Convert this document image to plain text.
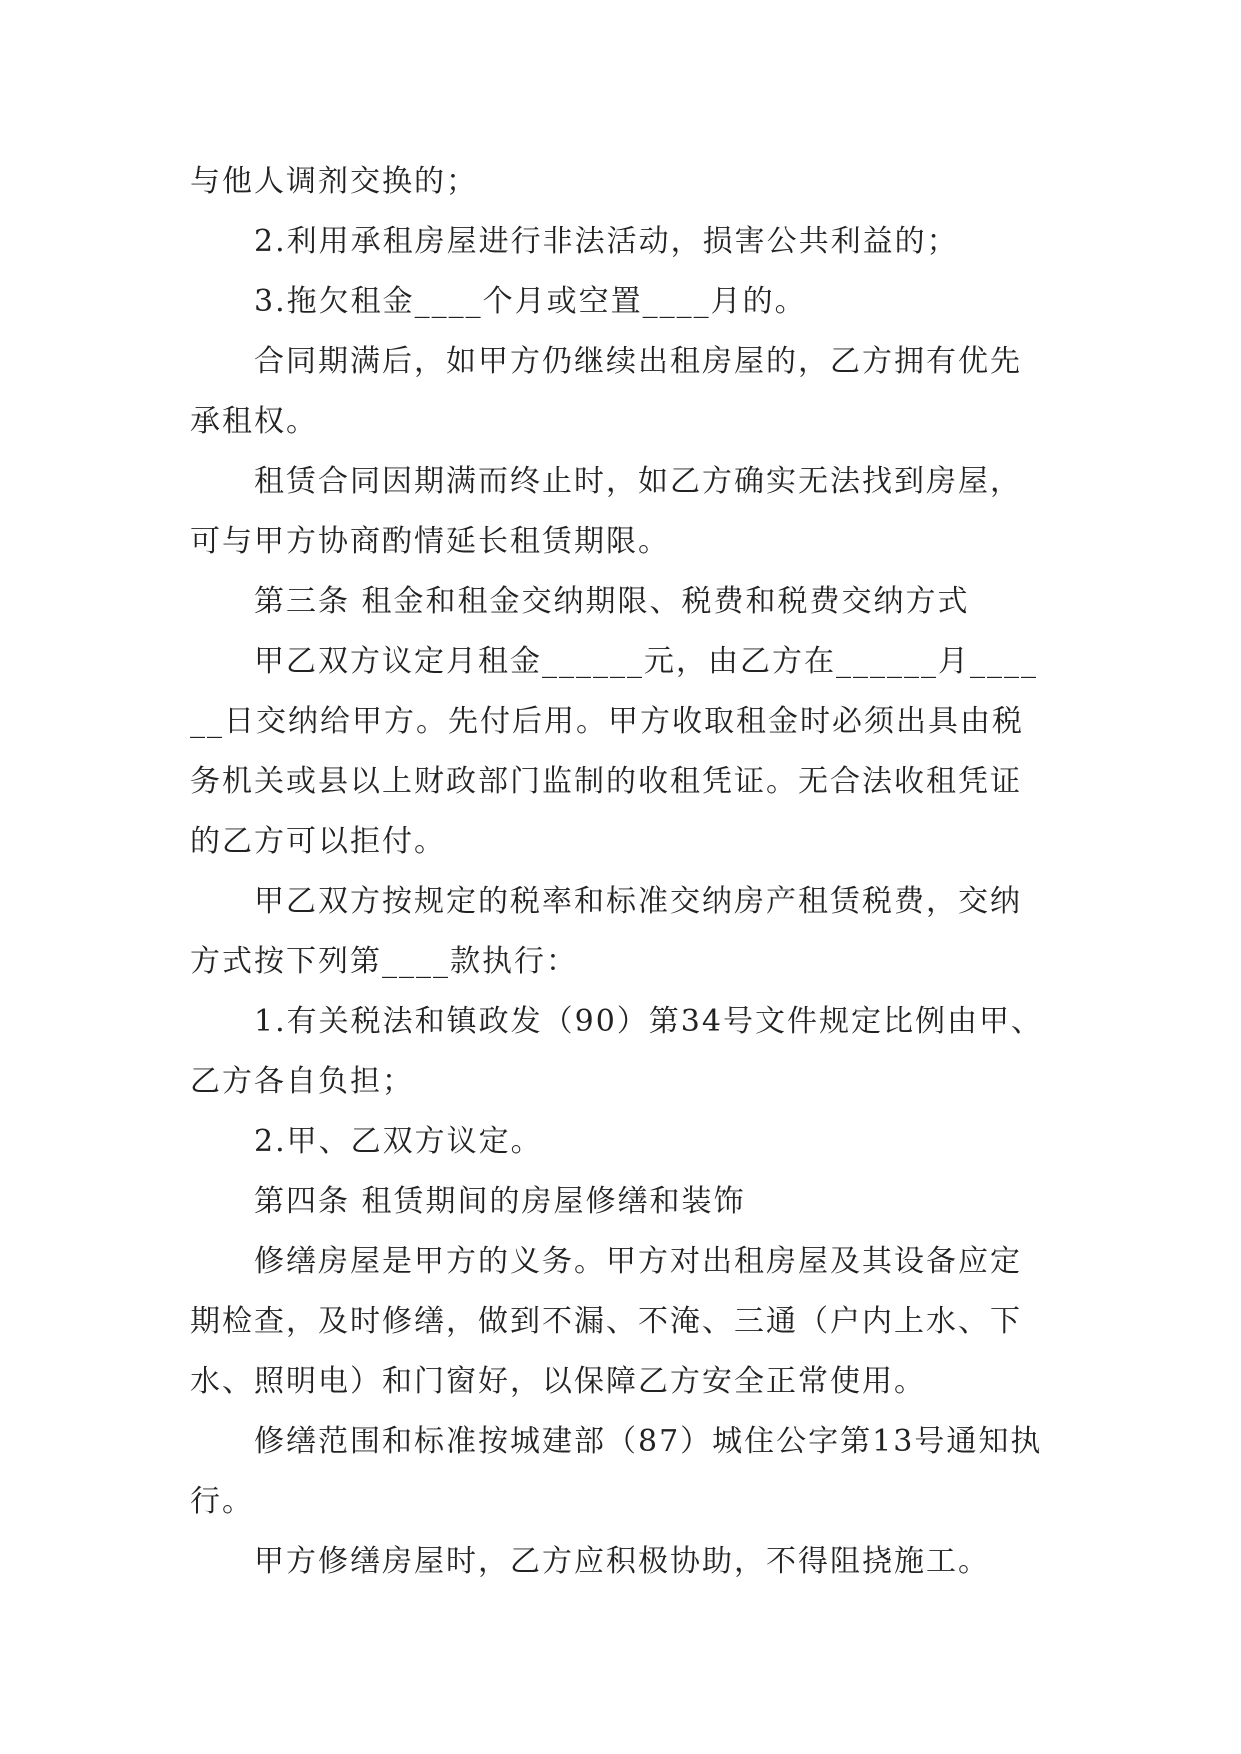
与他人调剂交换的；

2.利用承租房屋进行非法活动，损害公共利益的；

3.拖欠租金____个月或空置____月的。

合同期满后，如甲方仍继续出租房屋的，乙方拥有优先承租权。

租赁合同因期满而终止时，如乙方确实无法找到房屋，可与甲方协商酌情延长租赁期限。

第三条 租金和租金交纳期限、税费和税费交纳方式

甲乙双方议定月租金______元，由乙方在______月______日交纳给甲方。先付后用。甲方收取租金时必须出具由税务机关或县以上财政部门监制的收租凭证。无合法收租凭证的乙方可以拒付。

甲乙双方按规定的税率和标准交纳房产租赁税费，交纳方式按下列第____款执行：

1.有关税法和镇政发（90）第34号文件规定比例由甲、乙方各自负担；

2.甲、乙双方议定。

第四条 租赁期间的房屋修缮和装饰

修缮房屋是甲方的义务。甲方对出租房屋及其设备应定期检查，及时修缮，做到不漏、不淹、三通（户内上水、下水、照明电）和门窗好，以保障乙方安全正常使用。

修缮范围和标准按城建部（87）城住公字第13号通知执行。

甲方修缮房屋时，乙方应积极协助，不得阻挠施工。
